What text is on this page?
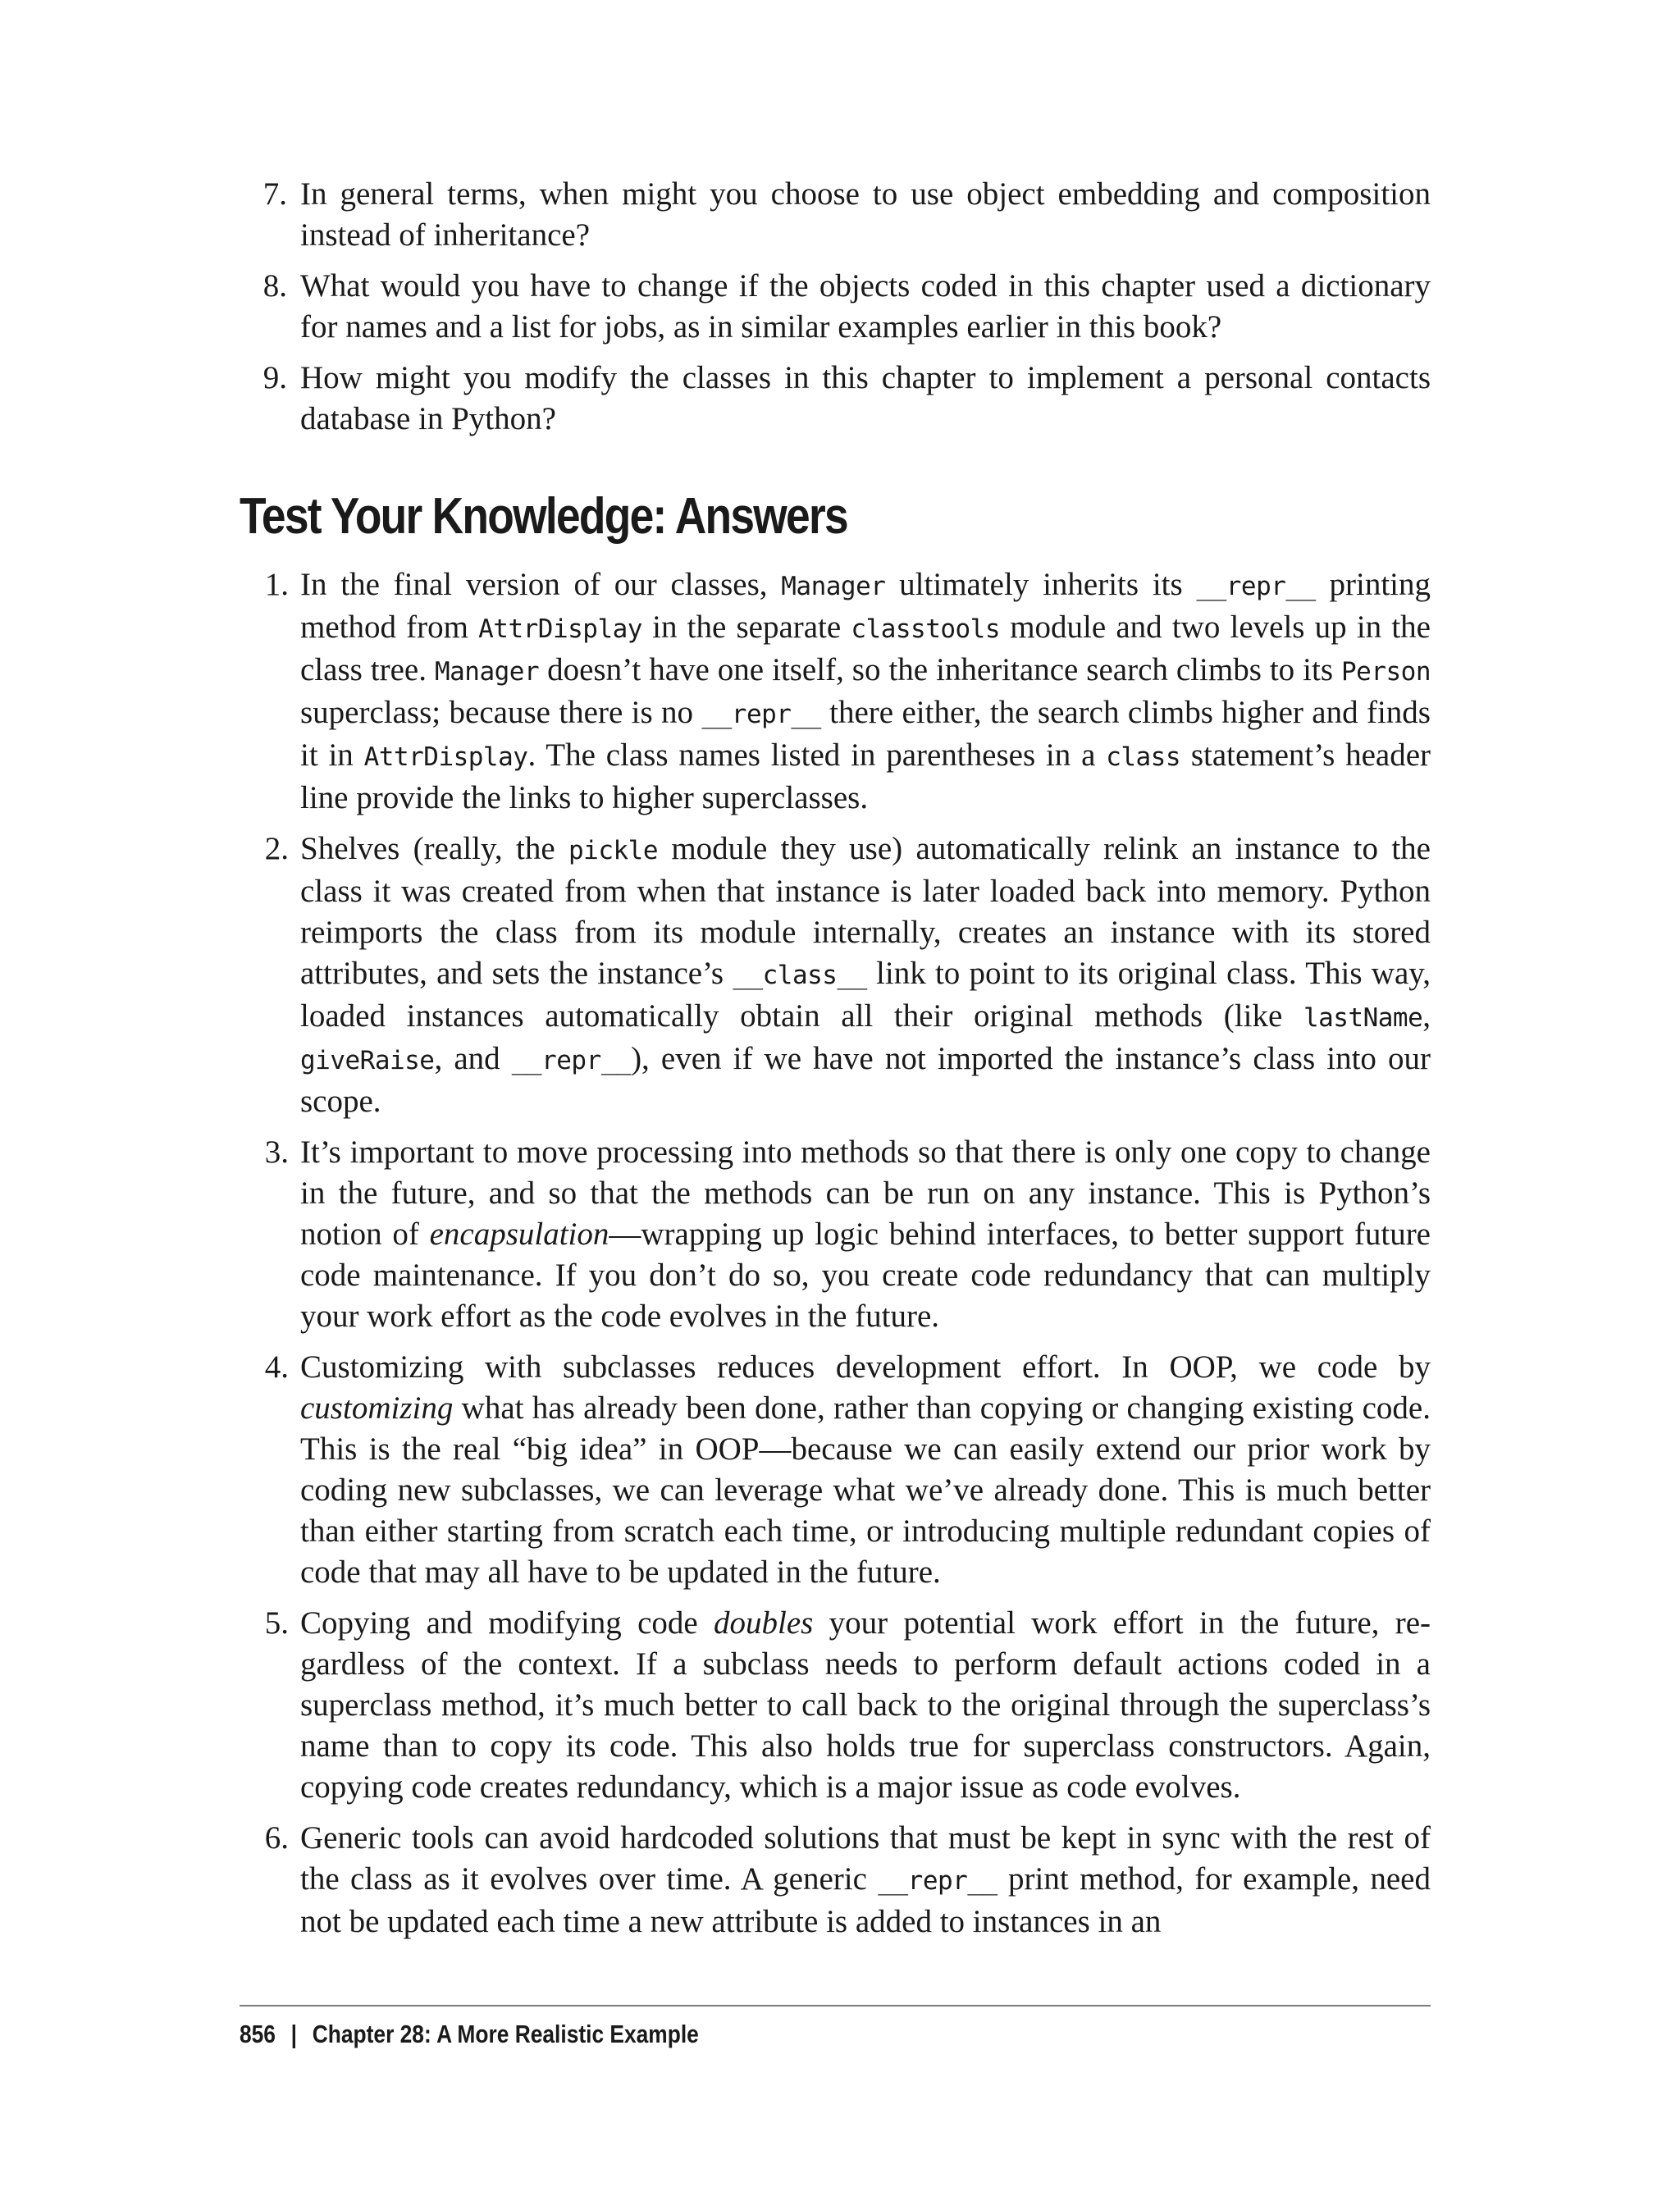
7. In general terms, when might you choose to use object embedding and composition instead of inheritance?
8. What would you have to change if the objects coded in this chapter used a dictionary for names and a list for jobs, as in similar examples earlier in this book?
9. How might you modify the classes in this chapter to implement a personal contacts database in Python?
Test Your Knowledge: Answers
1. In the final version of our classes, Manager ultimately inherits its __repr__ printing method from AttrDisplay in the separate classtools module and two levels up in the class tree. Manager doesn’t have one itself, so the inheritance search climbs to its Person superclass; because there is no __repr__ there either, the search climbs higher and finds it in AttrDisplay. The class names listed in parentheses in a class statement’s header line provide the links to higher superclasses.
2. Shelves (really, the pickle module they use) automatically relink an instance to the class it was created from when that instance is later loaded back into memory. Python reimports the class from its module internally, creates an instance with its stored attributes, and sets the instance’s __class__ link to point to its original class. This way, loaded instances automatically obtain all their original methods (like lastName, giveRaise, and __repr__), even if we have not imported the instance’s class into our scope.
3. It’s important to move processing into methods so that there is only one copy to change in the future, and so that the methods can be run on any instance. This is Python’s notion of encapsulation—wrapping up logic behind interfaces, to better support future code maintenance. If you don’t do so, you create code redundancy that can multiply your work effort as the code evolves in the future.
4. Customizing with subclasses reduces development effort. In OOP, we code by customizing what has already been done, rather than copying or changing existing code. This is the real “big idea” in OOP—because we can easily extend our prior work by coding new subclasses, we can leverage what we’ve already done. This is much better than either starting from scratch each time, or introducing multiple redundant copies of code that may all have to be updated in the future.
5. Copying and modifying code doubles your potential work effort in the future, regardless of the context. If a subclass needs to perform default actions coded in a superclass method, it’s much better to call back to the original through the superclass’s name than to copy its code. This also holds true for superclass constructors. Again, copying code creates redundancy, which is a major issue as code evolves.
6. Generic tools can avoid hardcoded solutions that must be kept in sync with the rest of the class as it evolves over time. A generic __repr__ print method, for example, need not be updated each time a new attribute is added to instances in an
856 | Chapter 28: A More Realistic Example
